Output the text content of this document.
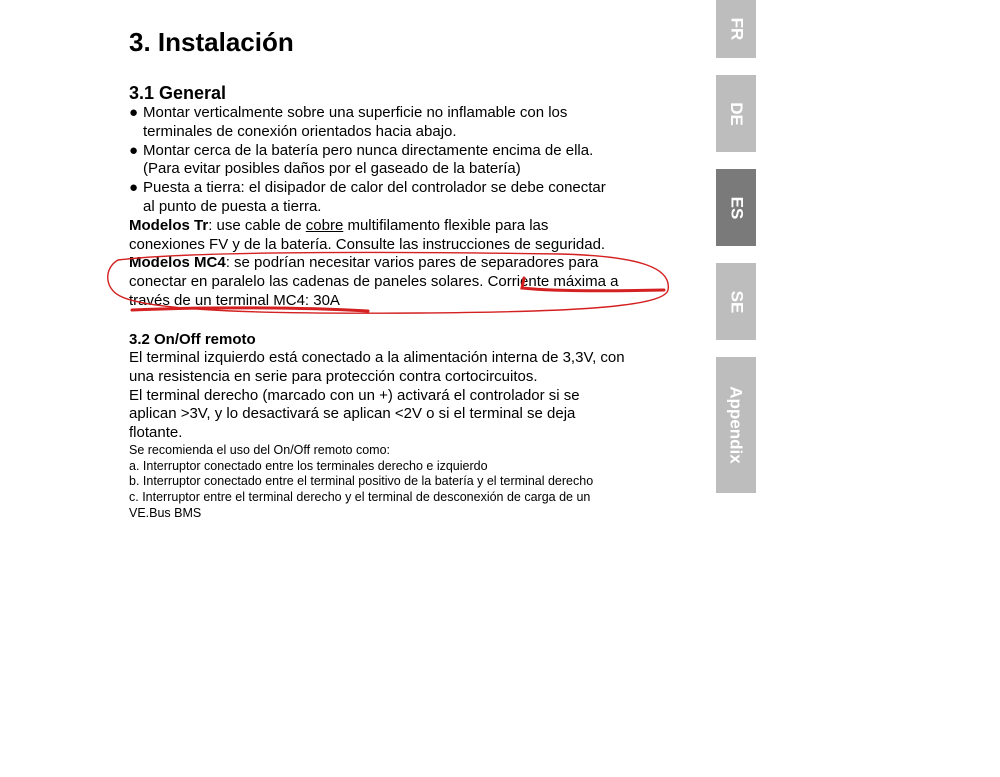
3. Instalación
3.1 General
● Montar verticalmente sobre una superficie no inflamable con los
terminales de conexión orientados hacia abajo.
● Montar cerca de la batería pero nunca directamente encima de ella.
(Para evitar posibles daños por el gaseado de la batería)
● Puesta a tierra: el disipador de calor del controlador se debe conectar
al punto de puesta a tierra.
Modelos Tr: use cable de cobre multifilamento flexible para las
conexiones FV y de la batería. Consulte las instrucciones de seguridad.
Modelos MC4: se podrían necesitar varios pares de separadores para
conectar en paralelo las cadenas de paneles solares. Corriente máxima a
través de un terminal MC4: 30A
3.2 On/Off remoto
El terminal izquierdo está conectado a la alimentación interna de 3,3V, con
una resistencia en serie para protección contra cortocircuitos.
El terminal derecho (marcado con un +) activará el controlador si se
aplican >3V, y lo desactivará se aplican <2V o si el terminal se deja
flotante.
Se recomienda el uso del On/Off remoto como:
a. Interruptor conectado entre los terminales derecho e izquierdo
b. Interruptor conectado entre el terminal positivo de la batería y el terminal derecho
c. Interruptor entre el terminal derecho y el terminal de desconexión de carga de un
VE.Bus BMS
FR
DE
ES
SE
Appendix
